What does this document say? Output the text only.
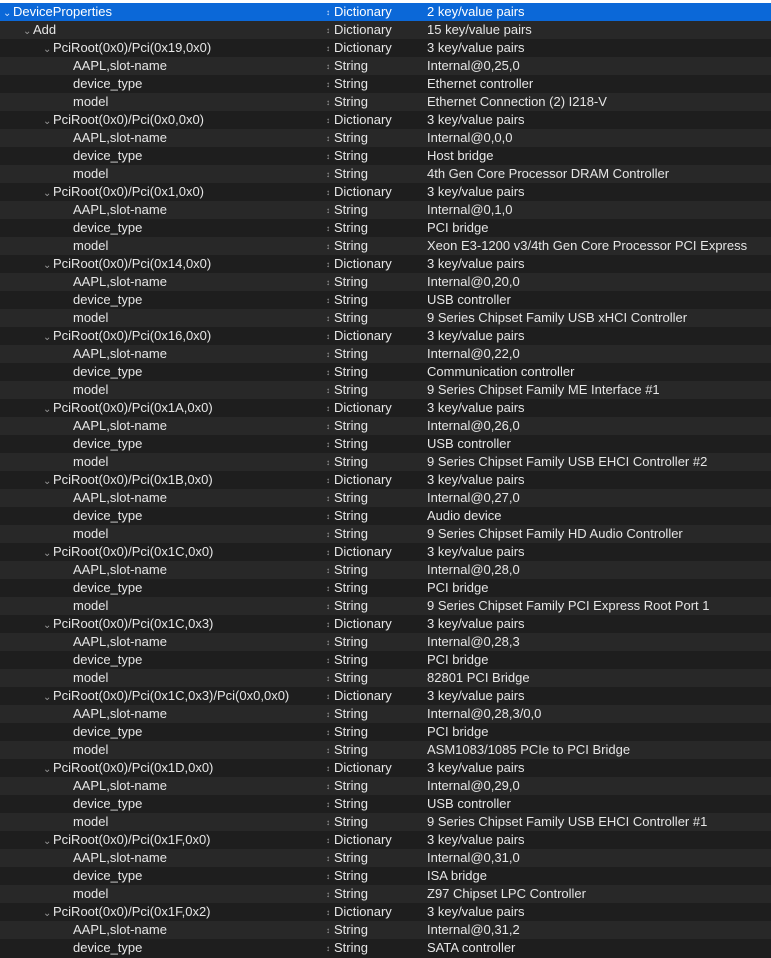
⌄ DeviceProperties	↕ Dictionary	2 key/value pairs
⌄ Add	↕ Dictionary	15 key/value pairs
⌄ PciRoot(0x0)/Pci(0x19,0x0)	↕ Dictionary	3 key/value pairs
AAPL,slot-name	↕ String	Internal@0,25,0
device_type	↕ String	Ethernet controller
model	↕ String	Ethernet Connection (2) I218-V
⌄ PciRoot(0x0)/Pci(0x0,0x0)	↕ Dictionary	3 key/value pairs
AAPL,slot-name	↕ String	Internal@0,0,0
device_type	↕ String	Host bridge
model	↕ String	4th Gen Core Processor DRAM Controller
⌄ PciRoot(0x0)/Pci(0x1,0x0)	↕ Dictionary	3 key/value pairs
AAPL,slot-name	↕ String	Internal@0,1,0
device_type	↕ String	PCI bridge
model	↕ String	Xeon E3-1200 v3/4th Gen Core Processor PCI Express
⌄ PciRoot(0x0)/Pci(0x14,0x0)	↕ Dictionary	3 key/value pairs
AAPL,slot-name	↕ String	Internal@0,20,0
device_type	↕ String	USB controller
model	↕ String	9 Series Chipset Family USB xHCI Controller
⌄ PciRoot(0x0)/Pci(0x16,0x0)	↕ Dictionary	3 key/value pairs
AAPL,slot-name	↕ String	Internal@0,22,0
device_type	↕ String	Communication controller
model	↕ String	9 Series Chipset Family ME Interface #1
⌄ PciRoot(0x0)/Pci(0x1A,0x0)	↕ Dictionary	3 key/value pairs
AAPL,slot-name	↕ String	Internal@0,26,0
device_type	↕ String	USB controller
model	↕ String	9 Series Chipset Family USB EHCI Controller #2
⌄ PciRoot(0x0)/Pci(0x1B,0x0)	↕ Dictionary	3 key/value pairs
AAPL,slot-name	↕ String	Internal@0,27,0
device_type	↕ String	Audio device
model	↕ String	9 Series Chipset Family HD Audio Controller
⌄ PciRoot(0x0)/Pci(0x1C,0x0)	↕ Dictionary	3 key/value pairs
AAPL,slot-name	↕ String	Internal@0,28,0
device_type	↕ String	PCI bridge
model	↕ String	9 Series Chipset Family PCI Express Root Port 1
⌄ PciRoot(0x0)/Pci(0x1C,0x3)	↕ Dictionary	3 key/value pairs
AAPL,slot-name	↕ String	Internal@0,28,3
device_type	↕ String	PCI bridge
model	↕ String	82801 PCI Bridge
⌄ PciRoot(0x0)/Pci(0x1C,0x3)/Pci(0x0,0x0)	↕ Dictionary	3 key/value pairs
AAPL,slot-name	↕ String	Internal@0,28,3/0,0
device_type	↕ String	PCI bridge
model	↕ String	ASM1083/1085 PCIe to PCI Bridge
⌄ PciRoot(0x0)/Pci(0x1D,0x0)	↕ Dictionary	3 key/value pairs
AAPL,slot-name	↕ String	Internal@0,29,0
device_type	↕ String	USB controller
model	↕ String	9 Series Chipset Family USB EHCI Controller #1
⌄ PciRoot(0x0)/Pci(0x1F,0x0)	↕ Dictionary	3 key/value pairs
AAPL,slot-name	↕ String	Internal@0,31,0
device_type	↕ String	ISA bridge
model	↕ String	Z97 Chipset LPC Controller
⌄ PciRoot(0x0)/Pci(0x1F,0x2)	↕ Dictionary	3 key/value pairs
AAPL,slot-name	↕ String	Internal@0,31,2
device_type	↕ String	SATA controller
